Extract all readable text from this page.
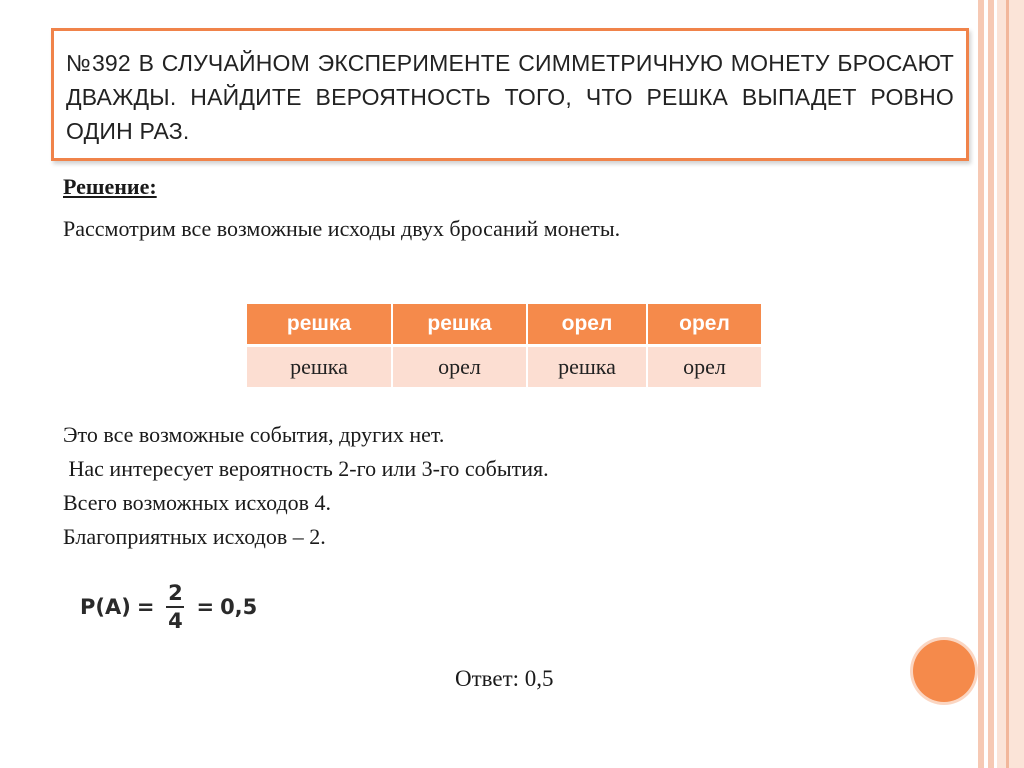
№392 В СЛУЧАЙНОМ ЭКСПЕРИМЕНТЕ СИММЕТРИЧНУЮ МОНЕТУ БРОСАЮТ ДВАЖДЫ. НАЙДИТЕ ВЕРОЯТНОСТЬ ТОГО, ЧТО РЕШКА ВЫПАДЕТ РОВНО ОДИН РАЗ.
Решение:
Рассмотрим все возможные исходы двух бросаний монеты.
решка	решка	орел	орел
решка	орел	решка	орел
Это все возможные события, других нет.
Нас интересует вероятность 2-го или 3-го события.
Всего возможных исходов 4.
Благоприятных исходов – 2.
$P(A) = \frac{2}{4} = 0,5$
Ответ: 0,5
